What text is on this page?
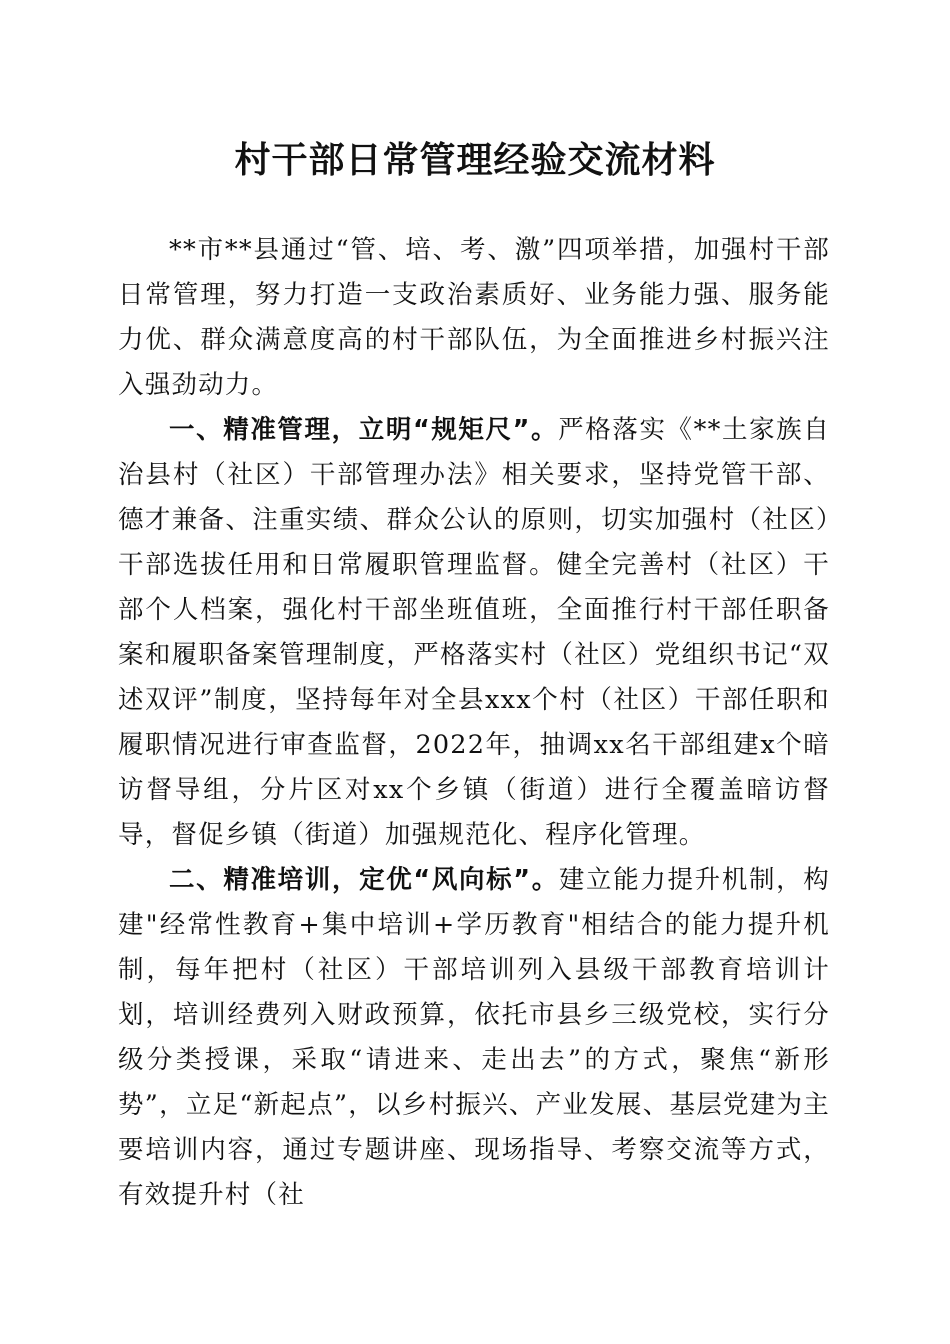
村干部日常管理经验交流材料

**市**县通过“管、培、考、激”四项举措，加强村干部日常管理，努力打造一支政治素质好、业务能力强、服务能力优、群众满意度高的村干部队伍，为全面推进乡村振兴注入强劲动力。

一、精准管理，立明“规矩尺”。严格落实《**土家族自治县村（社区）干部管理办法》相关要求，坚持党管干部、德才兼备、注重实绩、群众公认的原则，切实加强村（社区）干部选拔任用和日常履职管理监督。健全完善村（社区）干部个人档案，强化村干部坐班值班，全面推行村干部任职备案和履职备案管理制度，严格落实村（社区）党组织书记“双述双评”制度，坚持每年对全县xxx个村（社区）干部任职和履职情况进行审查监督，2022年，抽调xx名干部组建x个暗访督导组，分片区对xx个乡镇（街道）进行全覆盖暗访督导，督促乡镇（街道）加强规范化、程序化管理。

二、精准培训，定优“风向标”。建立能力提升机制，构建"经常性教育+集中培训+学历教育"相结合的能力提升机制，每年把村（社区）干部培训列入县级干部教育培训计划，培训经费列入财政预算，依托市县乡三级党校，实行分级分类授课，采取“请进来、走出去”的方式，聚焦“新形势”，立足“新起点”，以乡村振兴、产业发展、基层党建为主要培训内容，通过专题讲座、现场指导、考察交流等方式，有效提升村（社
